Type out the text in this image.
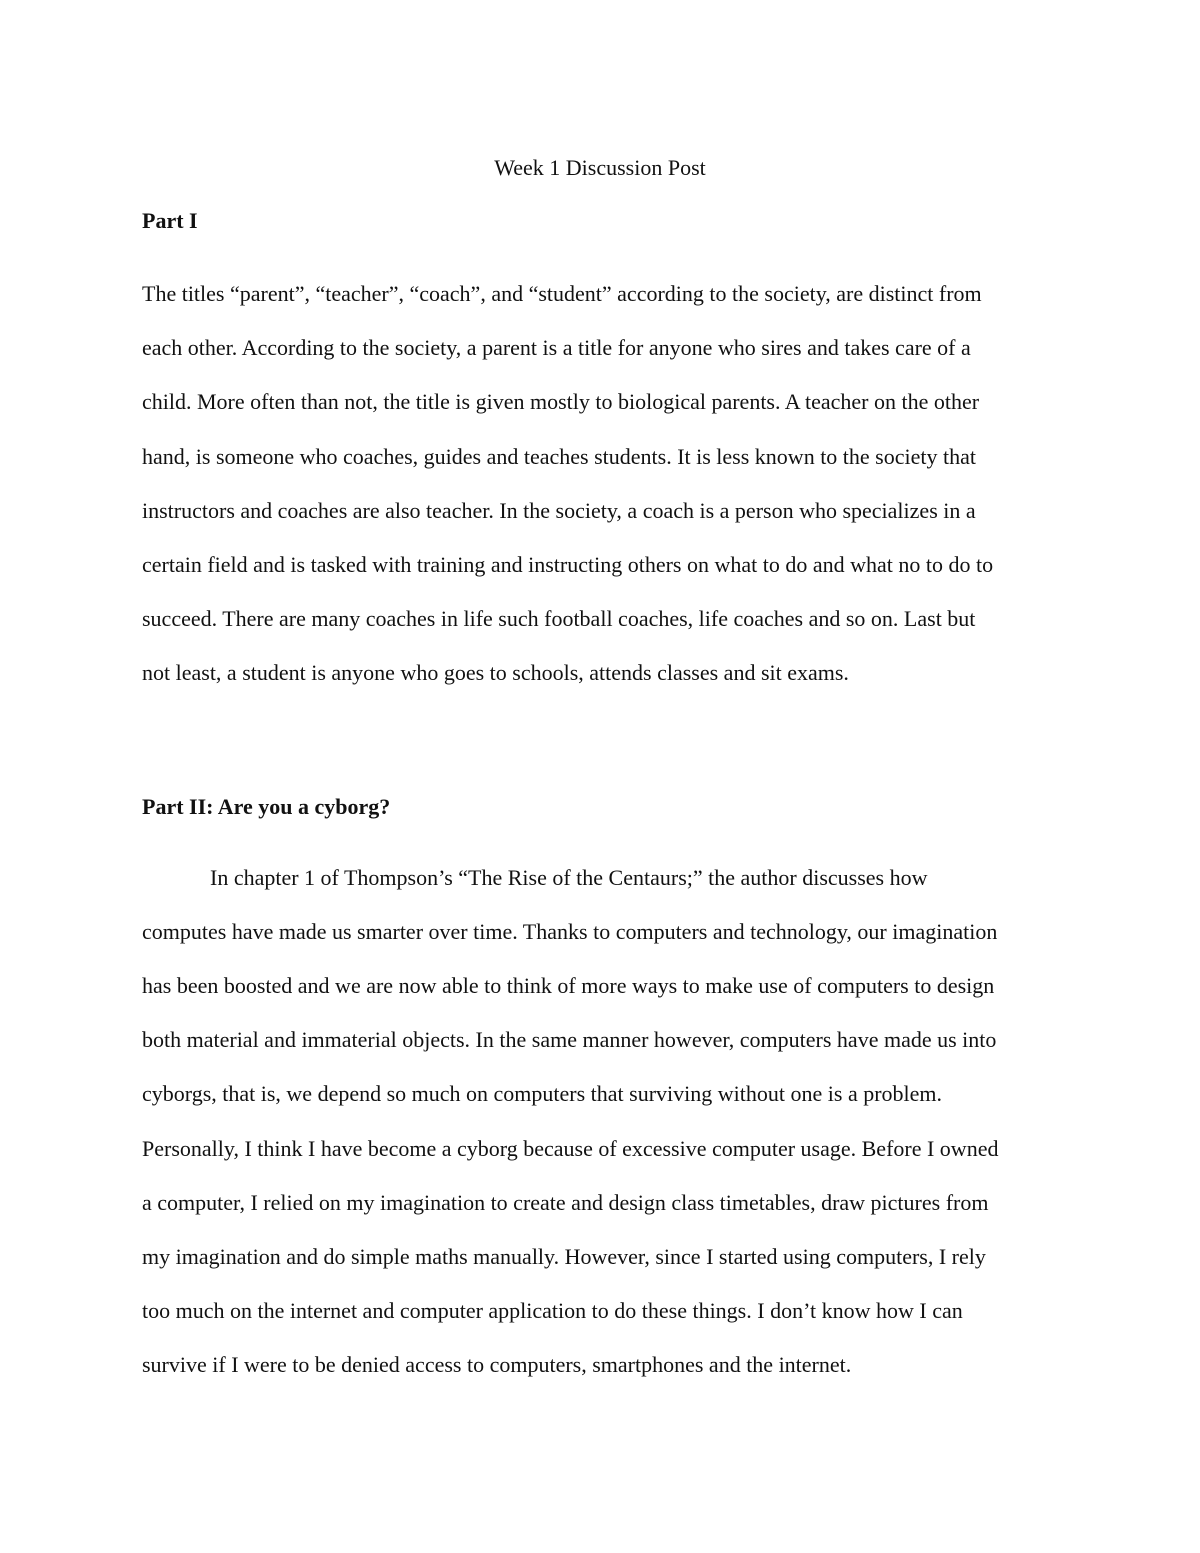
Week 1 Discussion Post
Part I

The titles “parent”, “teacher”, “coach”, and “student” according to the society, are distinct from
each other. According to the society, a parent is a title for anyone who sires and takes care of a
child. More often than not, the title is given mostly to biological parents. A teacher on the other
hand, is someone who coaches, guides and teaches students. It is less known to the society that
instructors and coaches are also teacher. In the society, a coach is a person who specializes in a
certain field and is tasked with training and instructing others on what to do and what no to do to
succeed. There are many coaches in life such football coaches, life coaches and so on. Last but
not least, a student is anyone who goes to schools, attends classes and sit exams.

Part II: Are you a cyborg?

In chapter 1 of Thompson’s “The Rise of the Centaurs;” the author discusses how
computes have made us smarter over time. Thanks to computers and technology, our imagination
has been boosted and we are now able to think of more ways to make use of computers to design
both material and immaterial objects. In the same manner however, computers have made us into
cyborgs, that is, we depend so much on computers that surviving without one is a problem.
Personally, I think I have become a cyborg because of excessive computer usage. Before I owned
a computer, I relied on my imagination to create and design class timetables, draw pictures from
my imagination and do simple maths manually. However, since I started using computers, I rely
too much on the internet and computer application to do these things. I don’t know how I can
survive if I were to be denied access to computers, smartphones and the internet.
